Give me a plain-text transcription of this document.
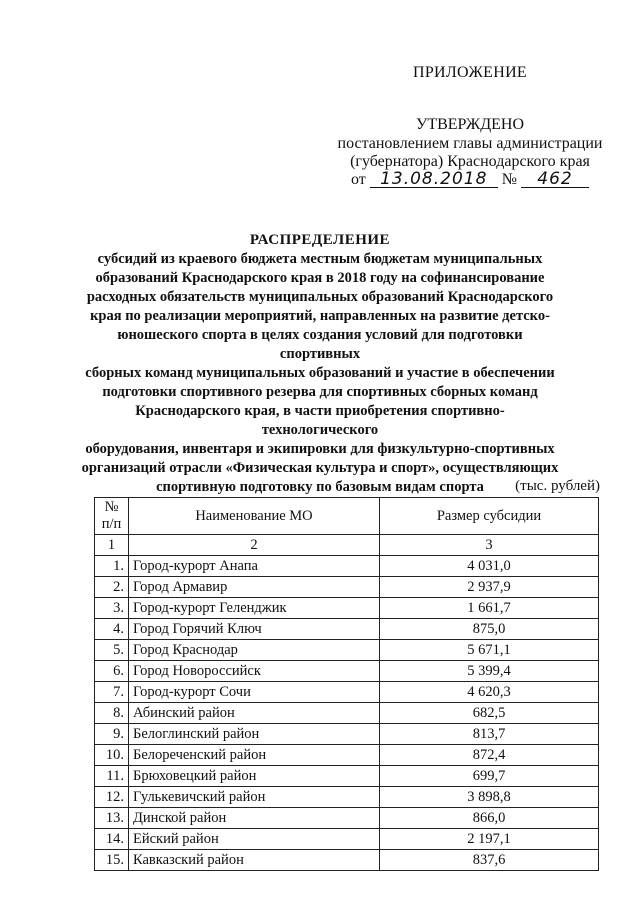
ПРИЛОЖЕНИЕ
УТВЕРЖДЕНО
постановлением главы администрации
(губернатора) Краснодарского края
от 13.08.2018 № 462
РАСПРЕДЕЛЕНИЕ
субсидий из краевого бюджета местным бюджетам муниципальных
образований Краснодарского края в 2018 году на софинансирование
расходных обязательств муниципальных образований Краснодарского
края по реализации мероприятий, направленных на развитие детско-
юношеского спорта в целях создания условий для подготовки спортивных
сборных команд муниципальных образований и участие в обеспечении
подготовки спортивного резерва для спортивных сборных команд
Краснодарского края, в части приобретения спортивно-технологического
оборудования, инвентаря и экипировки для физкультурно-спортивных
организаций отрасли «Физическая культура и спорт», осуществляющих
спортивную подготовку по базовым видам спорта	(тыс. рублей)
№ п/п	Наименование МО	Размер субсидии
1	2	3
1.	Город-курорт Анапа	4 031,0
2.	Город Армавир	2 937,9
3.	Город-курорт Геленджик	1 661,7
4.	Город Горячий Ключ	875,0
5.	Город Краснодар	5 671,1
6.	Город Новороссийск	5 399,4
7.	Город-курорт Сочи	4 620,3
8.	Абинский район	682,5
9.	Белоглинский район	813,7
10.	Белореченский район	872,4
11.	Брюховецкий район	699,7
12.	Гулькевичский район	3 898,8
13.	Динской район	866,0
14.	Ейский район	2 197,1
15.	Кавказский район	837,6
